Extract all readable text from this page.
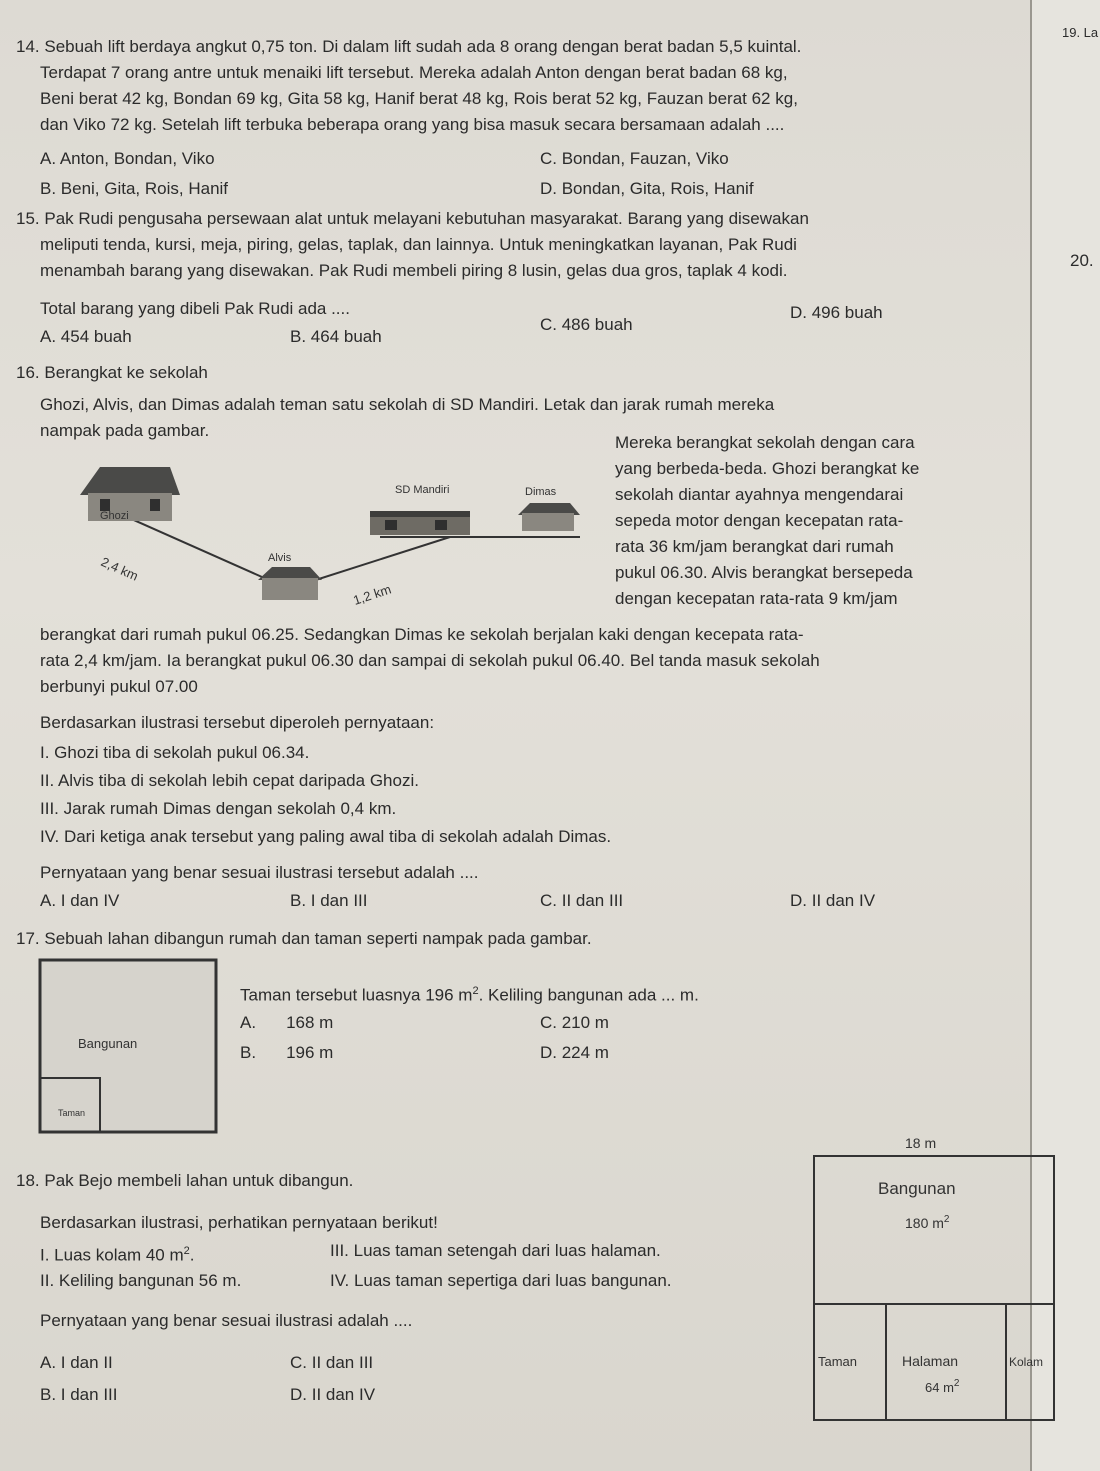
19. La
20.
14. Sebuah lift berdaya angkut 0,75 ton. Di dalam lift sudah ada 8 orang dengan berat badan 5,5 kuintal.
Terdapat 7 orang antre untuk menaiki lift tersebut. Mereka adalah Anton dengan berat badan 68 kg,
Beni berat 42 kg, Bondan 69 kg, Gita 58 kg, Hanif berat 48 kg, Rois berat 52 kg, Fauzan berat 62 kg,
dan Viko 72 kg. Setelah lift terbuka beberapa orang yang bisa masuk secara bersamaan adalah ....
A. Anton, Bondan, Viko	C. Bondan, Fauzan, Viko
B. Beni, Gita, Rois, Hanif	D. Bondan, Gita, Rois, Hanif
15. Pak Rudi pengusaha persewaan alat untuk melayani kebutuhan masyarakat. Barang yang disewakan
meliputi tenda, kursi, meja, piring, gelas, taplak, dan lainnya. Untuk meningkatkan layanan, Pak Rudi
menambah barang yang disewakan. Pak Rudi membeli piring 8 lusin, gelas dua gros, taplak 4 kodi.
Total barang yang dibeli Pak Rudi ada ....
A. 454 buah	B. 464 buah
C. 486 buah
D. 496 buah
16. Berangkat ke sekolah
Ghozi, Alvis, dan Dimas adalah teman satu sekolah di SD Mandiri. Letak dan jarak rumah mereka
nampak pada gambar.
Ghozi
SD Mandiri	Dimas
Alvis
2,4 km
1,2 km
Mereka berangkat sekolah dengan cara
yang berbeda-beda. Ghozi berangkat ke
sekolah diantar ayahnya mengendarai
sepeda motor dengan kecepatan rata-
rata 36 km/jam berangkat dari rumah
pukul 06.30. Alvis berangkat bersepeda
dengan kecepatan rata-rata 9 km/jam
berangkat dari rumah pukul 06.25. Sedangkan Dimas ke sekolah berjalan kaki dengan kecepata rata-
rata 2,4 km/jam. Ia berangkat pukul 06.30 dan sampai di sekolah pukul 06.40. Bel tanda masuk sekolah
berbunyi pukul 07.00
Berdasarkan ilustrasi tersebut diperoleh pernyataan:
I. Ghozi tiba di sekolah pukul 06.34.
II. Alvis tiba di sekolah lebih cepat daripada Ghozi.
III. Jarak rumah Dimas dengan sekolah 0,4 km.
IV. Dari ketiga anak tersebut yang paling awal tiba di sekolah adalah Dimas.
Pernyataan yang benar sesuai ilustrasi tersebut adalah ....
A. I dan IV	B. I dan III	C. II dan III	D. II dan IV
17. Sebuah lahan dibangun rumah dan taman seperti nampak pada gambar.
Bangunan
Taman
Taman tersebut luasnya 196 $m^2$. Keliling bangunan ada ... m.
A. 168 m	C. 210 m
B. 196 m	D. 224 m
18. Pak Bejo membeli lahan untuk dibangun.
Berdasarkan ilustrasi, perhatikan pernyataan berikut!
I. Luas kolam 40 $m^2$.	III. Luas taman setengah dari luas halaman.
II. Keliling bangunan 56 m.	IV. Luas taman sepertiga dari luas bangunan.
Pernyataan yang benar sesuai ilustrasi adalah ....
A. I dan II	C. II dan III
B. I dan III	D. II dan IV
18 m
Bangunan
180 $m^2$
Taman	Halaman
64 $m^2$
Kolam
